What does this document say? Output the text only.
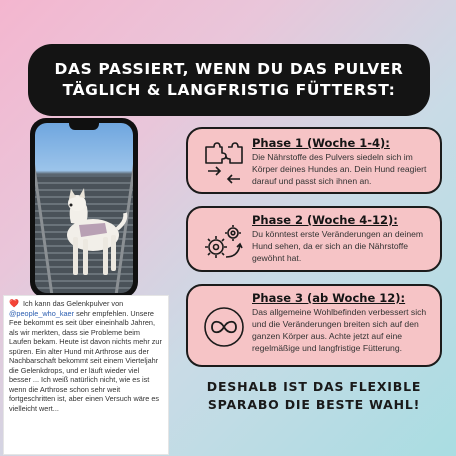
DAS PASSIERT, WENN DU DAS PULVER
TÄGLICH & LANGFRISTIG FÜTTERST:

❤️ Ich kann das Gelenkpulver von @people_who_kaer sehr empfehlen. Unsere Fee bekommt es seit über eineinhalb Jahren, als wir merkten, dass sie Probleme beim Laufen bekam. Heute ist davon nichts mehr zur spüren. Ein alter Hund mit Arthrose aus der Nachbarschaft bekommt seit einem Vierteljahr die Gelenkdrops, und er läuft wieder viel besser ... Ich weiß natürlich nicht, wie es ist wenn die Arthrose schon sehr weit fortgeschritten ist, aber einen Versuch wäre es vielleicht wert...

Phase 1 (Woche 1-4):
Die Nährstoffe des Pulvers siedeln sich im Körper deines Hundes an. Dein Hund reagiert darauf und passt sich ihnen an.
Phase 2 (Woche 4-12):
Du könntest erste Veränderungen an deinem Hund sehen, da er sich an die Nährstoffe gewöhnt hat.
Phase 3 (ab Woche 12):
Das allgemeine Wohlbefinden verbessert sich und die Veränderungen breiten sich auf den ganzen Körper aus. Achte jetzt auf eine regelmäßige und langfristige Fütterung.
DESHALB IST DAS FLEXIBLE
SPARABO DIE BESTE WAHL!
